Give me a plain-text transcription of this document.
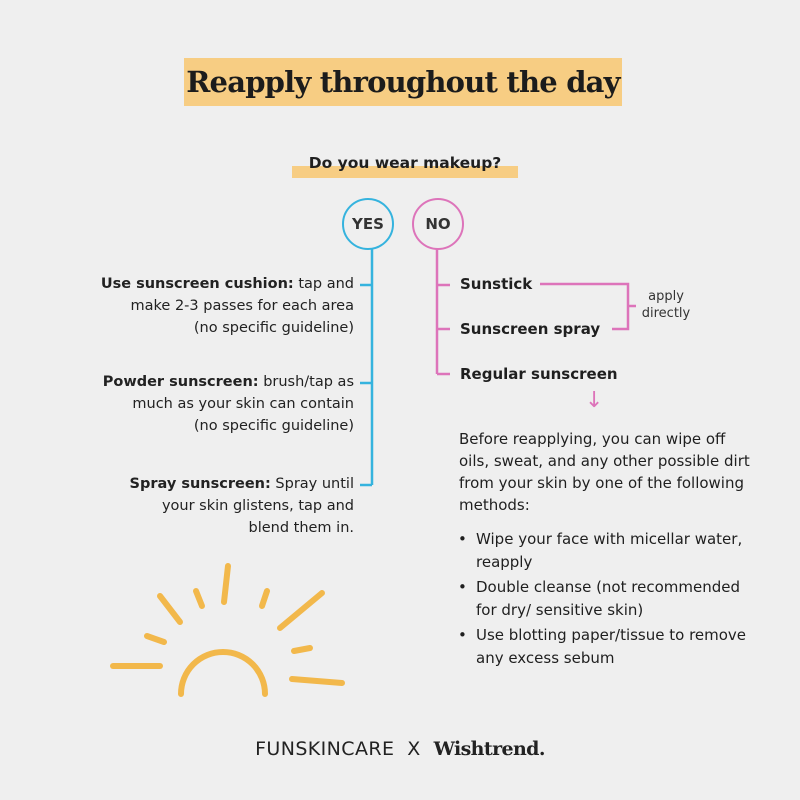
Reapply throughout the day
Do you wear makeup?
YES	NO
Use sunscreen cushion: tap and
make 2-3 passes for each area
(no specific guideline)
Powder sunscreen: brush/tap as
much as your skin can contain
(no specific guideline)
Spray sunscreen: Spray until
your skin glistens, tap and
blend them in.
Sunstick
Sunscreen spray
Regular sunscreen
apply
directly
↓
Before reapplying, you can wipe off oils, sweat, and any other possible dirt from your skin by one of the following methods:
• Wipe your face with micellar water, reapply
• Double cleanse (not recommended for dry/ sensitive skin)
• Use blotting paper/tissue to remove any excess sebum
FUNSKINCARE X Wishtrend.
